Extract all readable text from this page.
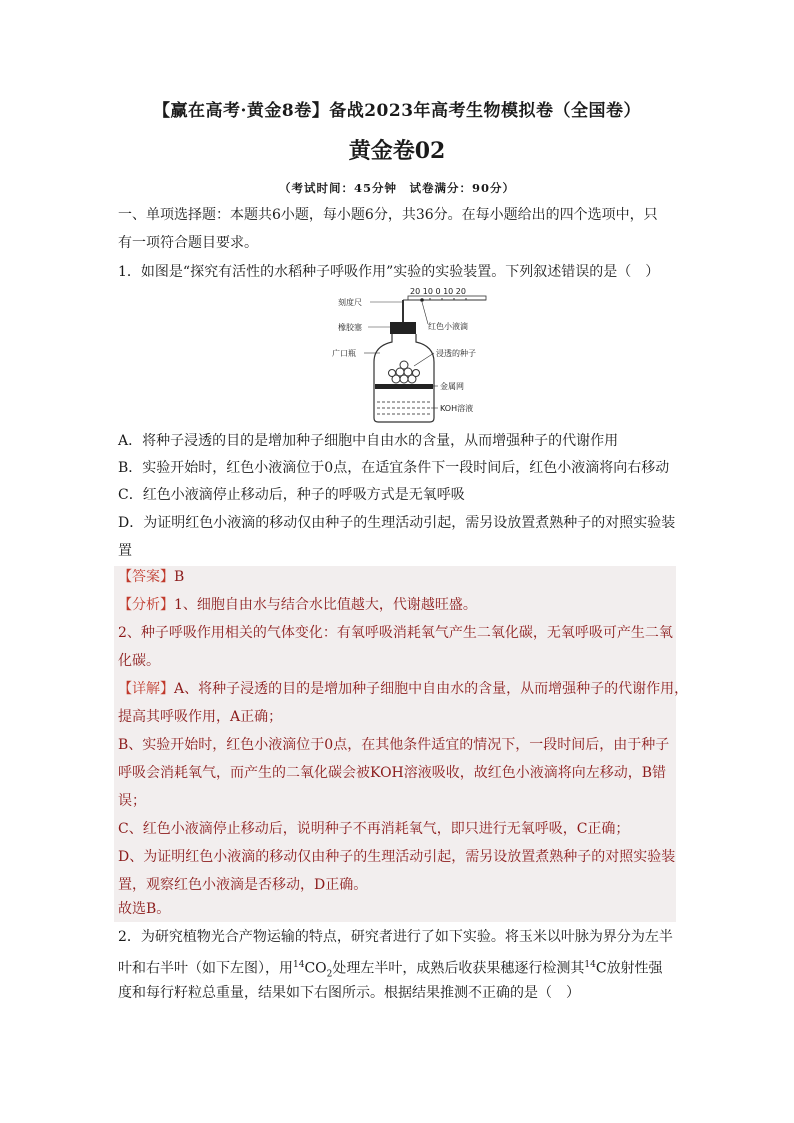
【赢在高考·黄金8卷】备战2023年高考生物模拟卷（全国卷）
黄金卷02
（考试时间：45分钟　试卷满分：90分）
一、单项选择题：本题共6小题，每小题6分，共36分。在每小题给出的四个选项中，只
有一项符合题目要求。
1．如图是“探究有活性的水稻种子呼吸作用”实验的实验装置。下列叙述错误的是（　）
20 10 0 10 20
刻度尺
橡胶塞
广口瓶
红色小液滴
浸透的种子
金属网
KOH溶液
A．将种子浸透的目的是增加种子细胞中自由水的含量，从而增强种子的代谢作用
B．实验开始时，红色小液滴位于0点，在适宜条件下一段时间后，红色小液滴将向右移动
C．红色小液滴停止移动后，种子的呼吸方式是无氧呼吸
D．为证明红色小液滴的移动仅由种子的生理活动引起，需另设放置煮熟种子的对照实验装
置
【答案】B
【分析】1、细胞自由水与结合水比值越大，代谢越旺盛。
2、种子呼吸作用相关的气体变化：有氧呼吸消耗氧气产生二氧化碳，无氧呼吸可产生二氧
化碳。
【详解】A、将种子浸透的目的是增加种子细胞中自由水的含量，从而增强种子的代谢作用，
提高其呼吸作用，A正确；
B、实验开始时，红色小液滴位于0点，在其他条件适宜的情况下，一段时间后，由于种子
呼吸会消耗氧气，而产生的二氧化碳会被KOH溶液吸收，故红色小液滴将向左移动，B错
误；
C、红色小液滴停止移动后，说明种子不再消耗氧气，即只进行无氧呼吸，C正确；
D、为证明红色小液滴的移动仅由种子的生理活动引起，需另设放置煮熟种子的对照实验装
置，观察红色小液滴是否移动，D正确。
故选B。
2．为研究植物光合产物运输的特点，研究者进行了如下实验。将玉米以叶脉为界分为左半
叶和右半叶（如下左图），用$^{14}CO_2$处理左半叶，成熟后收获果穗逐行检测其$^{14}$C放射性强
度和每行籽粒总重量，结果如下右图所示。根据结果推测不正确的是（　）
